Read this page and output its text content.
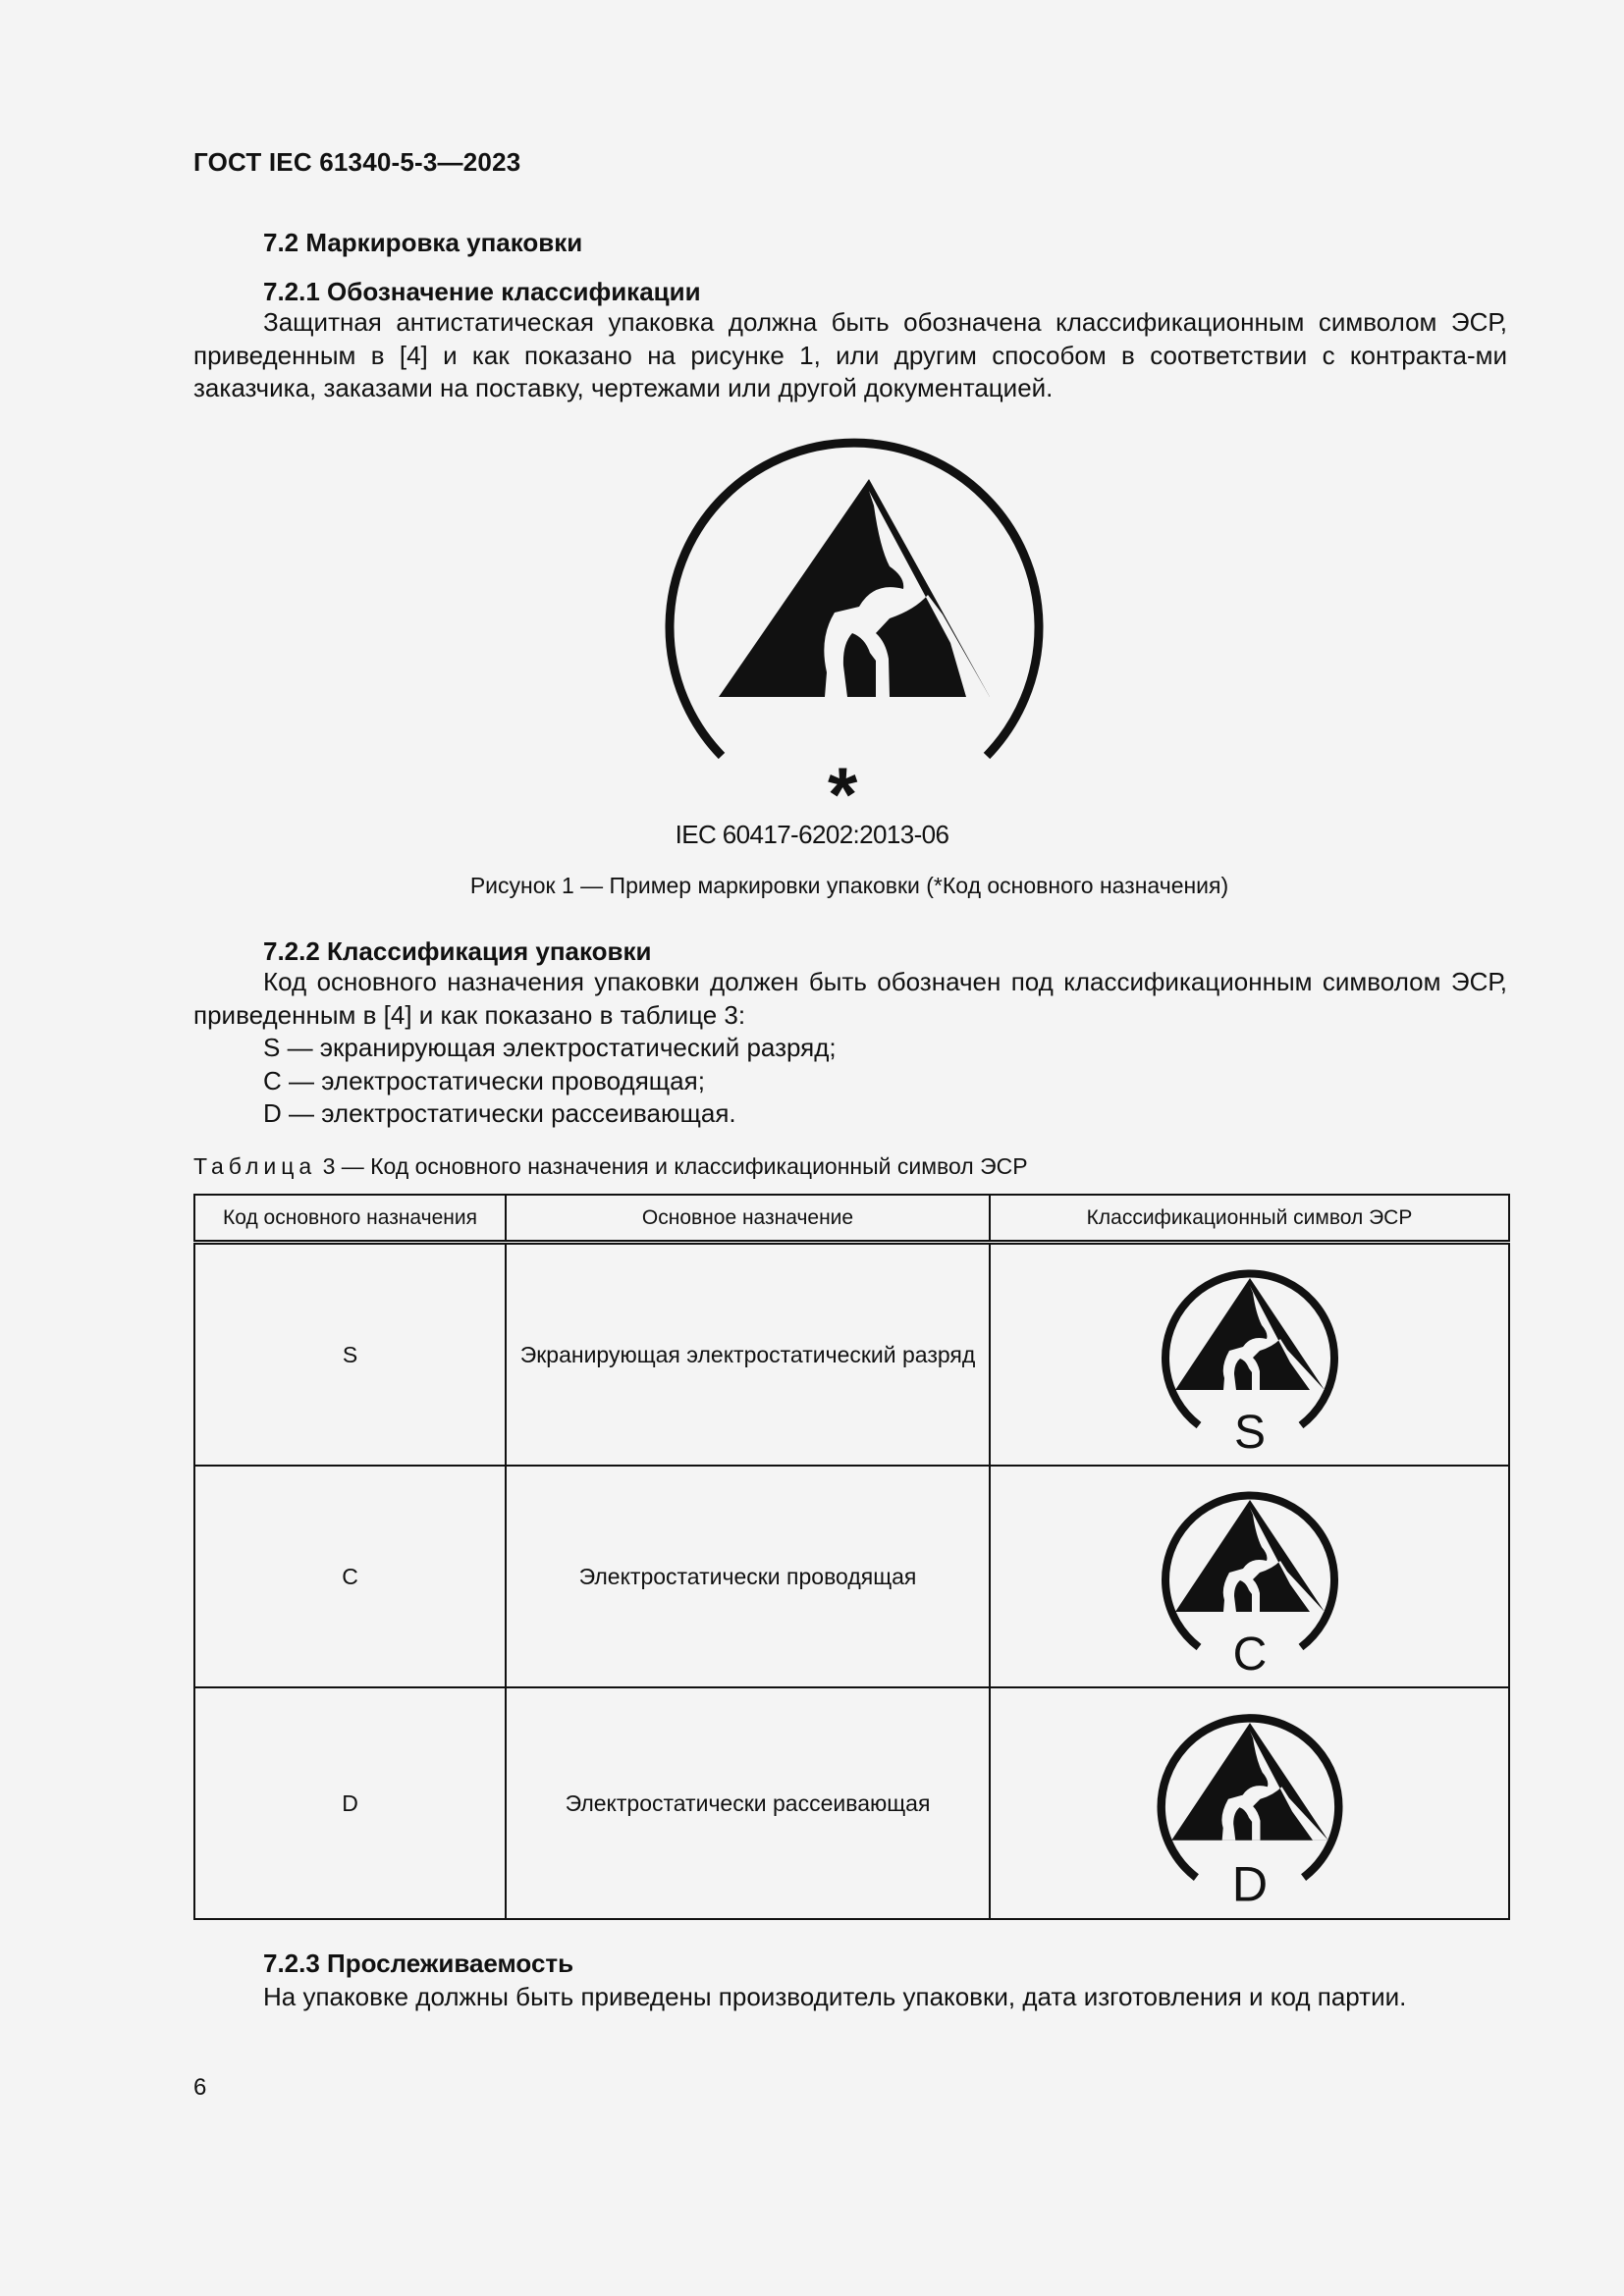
ГОСТ IEC 61340-5-3—2023
7.2 Маркировка упаковки
7.2.1 Обозначение классификации
Защитная антистатическая упаковка должна быть обозначена классификационным символом ЭСР, приведенным в [4] и как показано на рисунке 1, или другим способом в соответствии с контракта-ми заказчика, заказами на поставку, чертежами или другой документацией.
*
IEC 60417-6202:2013-06
Рисунок 1 — Пример маркировки упаковки (*Код основного назначения)
7.2.2 Классификация упаковки
Код основного назначения упаковки должен быть обозначен под классификационным символом ЭСР, приведенным в [4] и как показано в таблице 3:
S — экранирующая электростатический разряд;
C — электростатически проводящая;
D — электростатически рассеивающая.
Таблица 3 — Код основного назначения и классификационный символ ЭСР
Код основного назначения	Основное назначение	Классификационный символ ЭСР
S	Экранирующая электростатический разряд	S

C	Электростатически проводящая	C

D	Электростатически рассеивающая	D
7.2.3 Прослеживаемость
На упаковке должны быть приведены производитель упаковки, дата изготовления и код партии.
6
